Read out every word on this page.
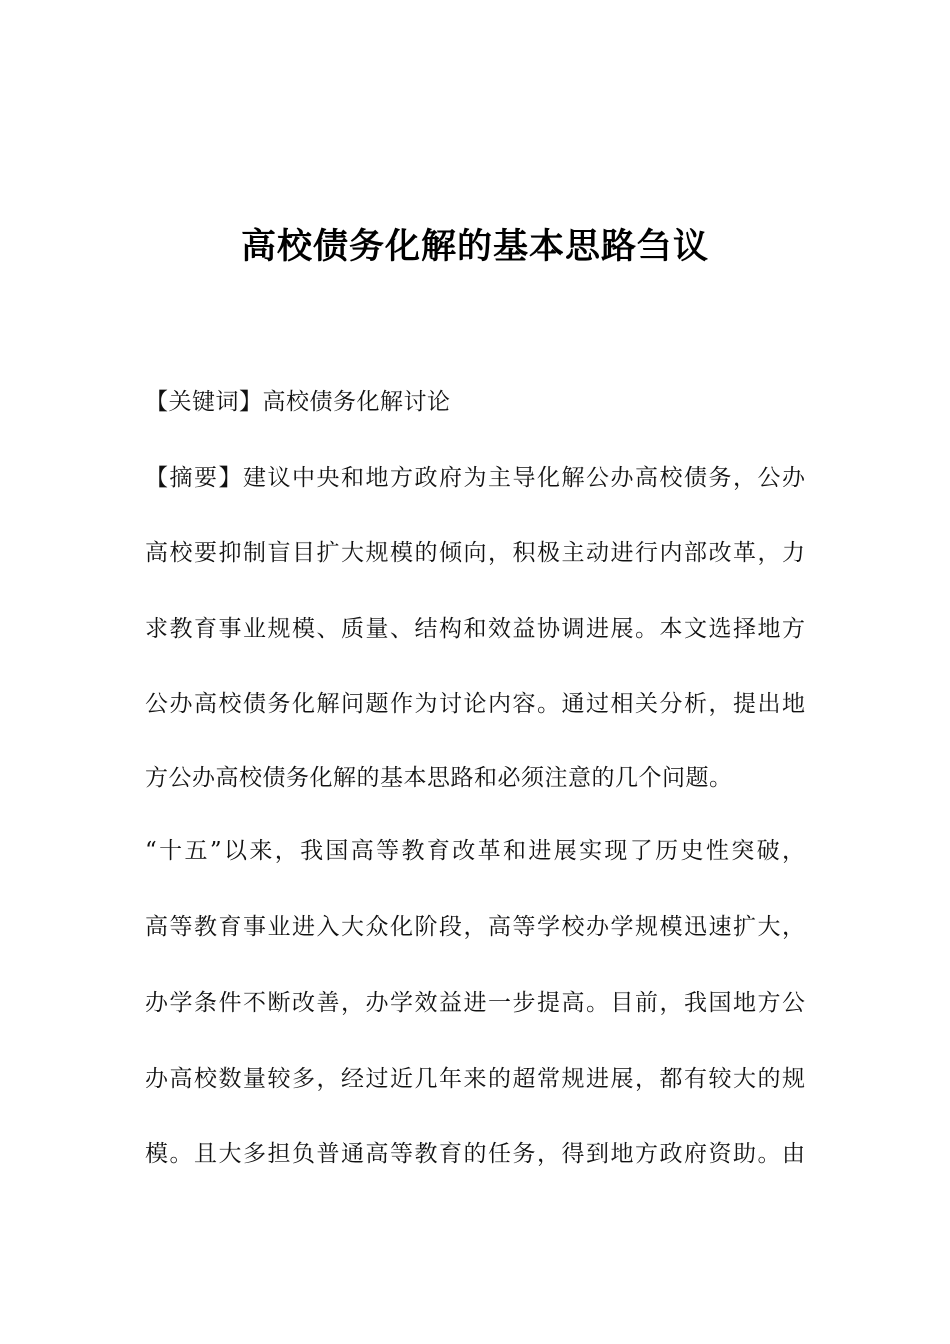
高校债务化解的基本思路刍议
【关键词】高校债务化解讨论
【摘要】建议中央和地方政府为主导化解公办高校债务，公办
高校要抑制盲目扩大规模的倾向，积极主动进行内部改革，力
求教育事业规模、质量、结构和效益协调进展。本文选择地方
公办高校债务化解问题作为讨论内容。通过相关分析，提出地
方公办高校债务化解的基本思路和必须注意的几个问题。
“十五”以来，我国高等教育改革和进展实现了历史性突破，
高等教育事业进入大众化阶段，高等学校办学规模迅速扩大，
办学条件不断改善，办学效益进一步提高。目前，我国地方公
办高校数量较多，经过近几年来的超常规进展，都有较大的规
模。且大多担负普通高等教育的任务，得到地方政府资助。由
